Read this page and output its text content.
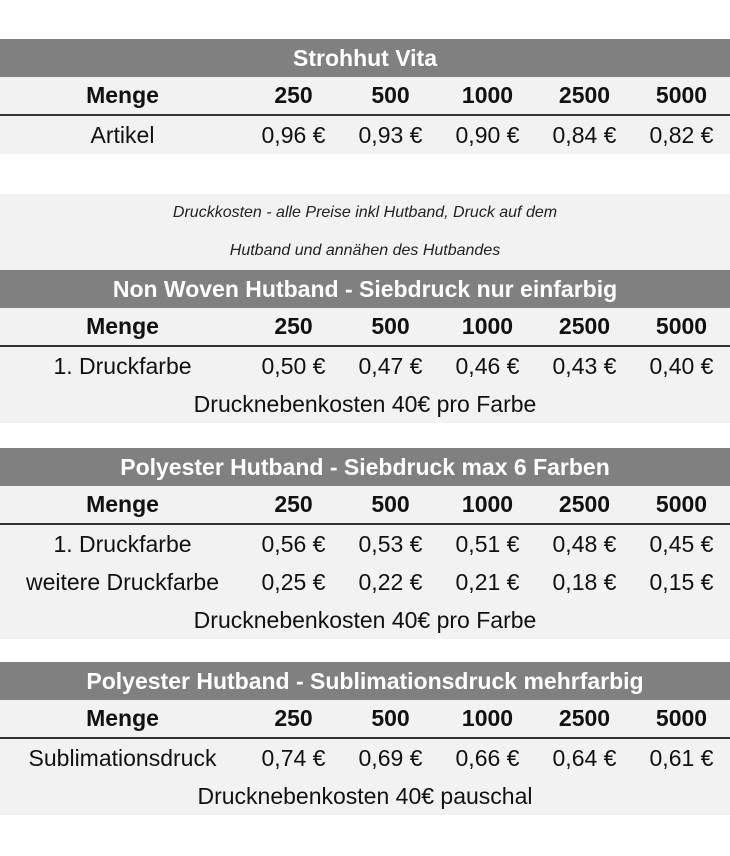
Strohhut Vita
Menge	250	500	1000	2500	5000
Artikel	0,96 €	0,93 €	0,90 €	0,84 €	0,82 €
Druckkosten - alle Preise inkl Hutband, Druck auf dem
Hutband und annähen des Hutbandes
Non Woven Hutband - Siebdruck nur einfarbig
Menge	250	500	1000	2500	5000
1. Druckfarbe	0,50 €	0,47 €	0,46 €	0,43 €	0,40 €
Drucknebenkosten 40€ pro Farbe
Polyester Hutband - Siebdruck max 6 Farben
Menge	250	500	1000	2500	5000
1. Druckfarbe	0,56 €	0,53 €	0,51 €	0,48 €	0,45 €
weitere Druckfarbe	0,25 €	0,22 €	0,21 €	0,18 €	0,15 €
Drucknebenkosten 40€ pro Farbe
Polyester Hutband - Sublimationsdruck mehrfarbig
Menge	250	500	1000	2500	5000
Sublimationsdruck	0,74 €	0,69 €	0,66 €	0,64 €	0,61 €
Drucknebenkosten 40€ pauschal
